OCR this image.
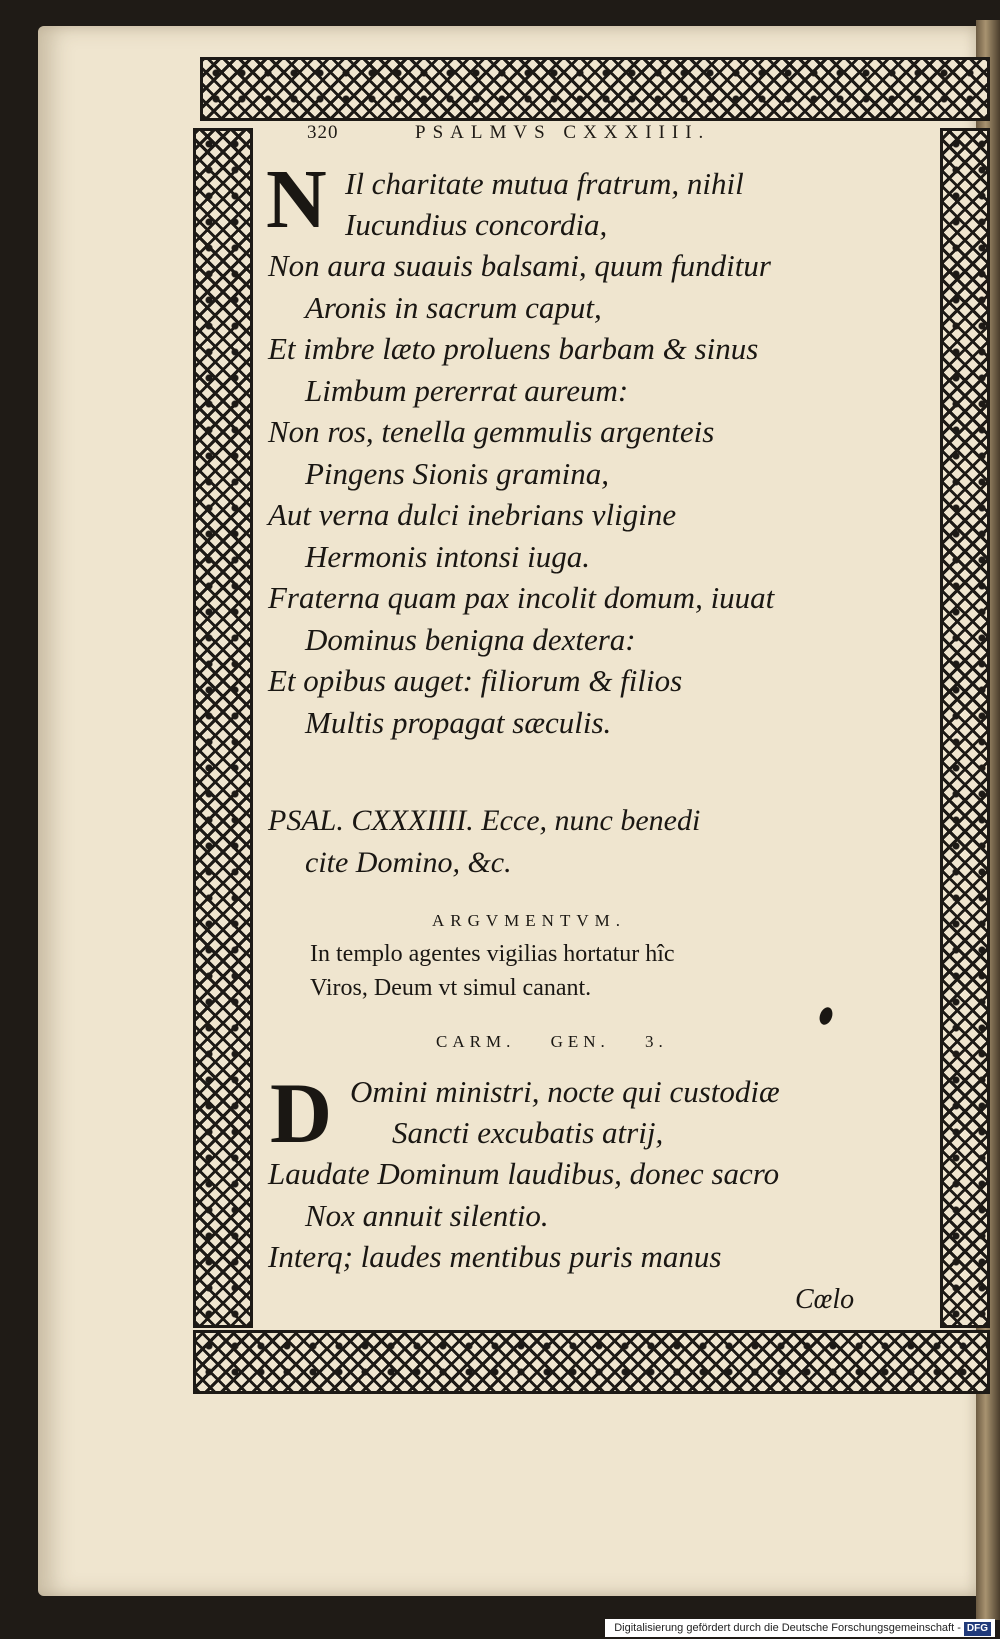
320	PSALMVS CXXXIIII.
N Il charitate mutua fratrum, nihil
Iucundius concordia,
Non aura suauis balsami, quum funditur
Aronis in sacrum caput,
Et imbre læto proluens barbam & sinus
Limbum pererrat aureum:
Non ros, tenella gemmulis argenteis
Pingens Sionis gramina,
Aut verna dulci inebrians vligine
Hermonis intonsi iuga.
Fraterna quam pax incolit domum, iuuat
Dominus benigna dextera:
Et opibus auget: filiorum & filios
Multis propagat sæculis.
PSAL. CXXXIIII. Ecce, nunc benedi
cite Domino, &c.
ARGVMENTVM.
In templo agentes vigilias hortatur hîc
Viros, Deum vt simul canant.
CARM. GEN. 3.
D Omini ministri, nocte qui custodiæ
Sancti excubatis atrij,
Laudate Dominum laudibus, donec sacro
Nox annuit silentio.
Interq; laudes mentibus puris manus
Cœlo
Digitalisierung gefördert durch die Deutsche Forschungsgemeinschaft - DFG
